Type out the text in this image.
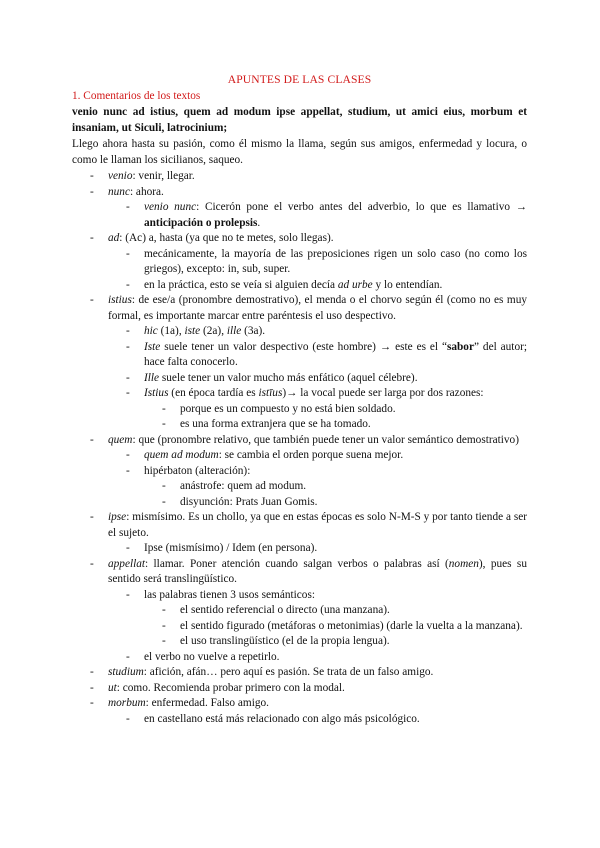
APUNTES DE LAS CLASES
1. Comentarios de los textos
venio nunc ad istius, quem ad modum ipse appellat, studium, ut amici eius, morbum et insaniam, ut Siculi, latrocinium;
Llego ahora hasta su pasión, como él mismo la llama, según sus amigos, enfermedad y locura, o como le llaman los sicilianos, saqueo.
- venio: venir, llegar.
- nunc: ahora.
- venio nunc: Cicerón pone el verbo antes del adverbio, lo que es llamativo → anticipación o prolepsis.
- ad: (Ac) a, hasta (ya que no te metes, solo llegas).
- mecánicamente, la mayoría de las preposiciones rigen un solo caso (no como los griegos), excepto: in, sub, super.
- en la práctica, esto se veía si alguien decía ad urbe y lo entendían.
- istius: de ese/a (pronombre demostrativo), el menda o el chorvo según él (como no es muy formal, es importante marcar entre paréntesis el uso despectivo.
- hic (1a), iste (2a), ille (3a).
- Iste suele tener un valor despectivo (este hombre) → este es el “sabor” del autor; hace falta conocerlo.
- Ille suele tener un valor mucho más enfático (aquel célebre).
- Istius (en época tardía es istīus)→ la vocal puede ser larga por dos razones:
- porque es un compuesto y no está bien soldado.
- es una forma extranjera que se ha tomado.
- quem: que (pronombre relativo, que también puede tener un valor semántico demostrativo)
- quem ad modum: se cambia el orden porque suena mejor.
- hipérbaton (alteración):
- anástrofe: quem ad modum.
- disyunción: Prats Juan Gomis.
- ipse: mismísimo. Es un chollo, ya que en estas épocas es solo N-M-S y por tanto tiende a ser el sujeto.
- Ipse (mismísimo) / Idem (en persona).
- appellat: llamar. Poner atención cuando salgan verbos o palabras así (nomen), pues su sentido será translingüístico.
- las palabras tienen 3 usos semánticos:
- el sentido referencial o directo (una manzana).
- el sentido figurado (metáforas o metonimias) (darle la vuelta a la manzana).
- el uso translingüístico (el de la propia lengua).
- el verbo no vuelve a repetirlo.
- studium: afición, afán… pero aquí es pasión. Se trata de un falso amigo.
- ut: como. Recomienda probar primero con la modal.
- morbum: enfermedad. Falso amigo.
- en castellano está más relacionado con algo más psicológico.
